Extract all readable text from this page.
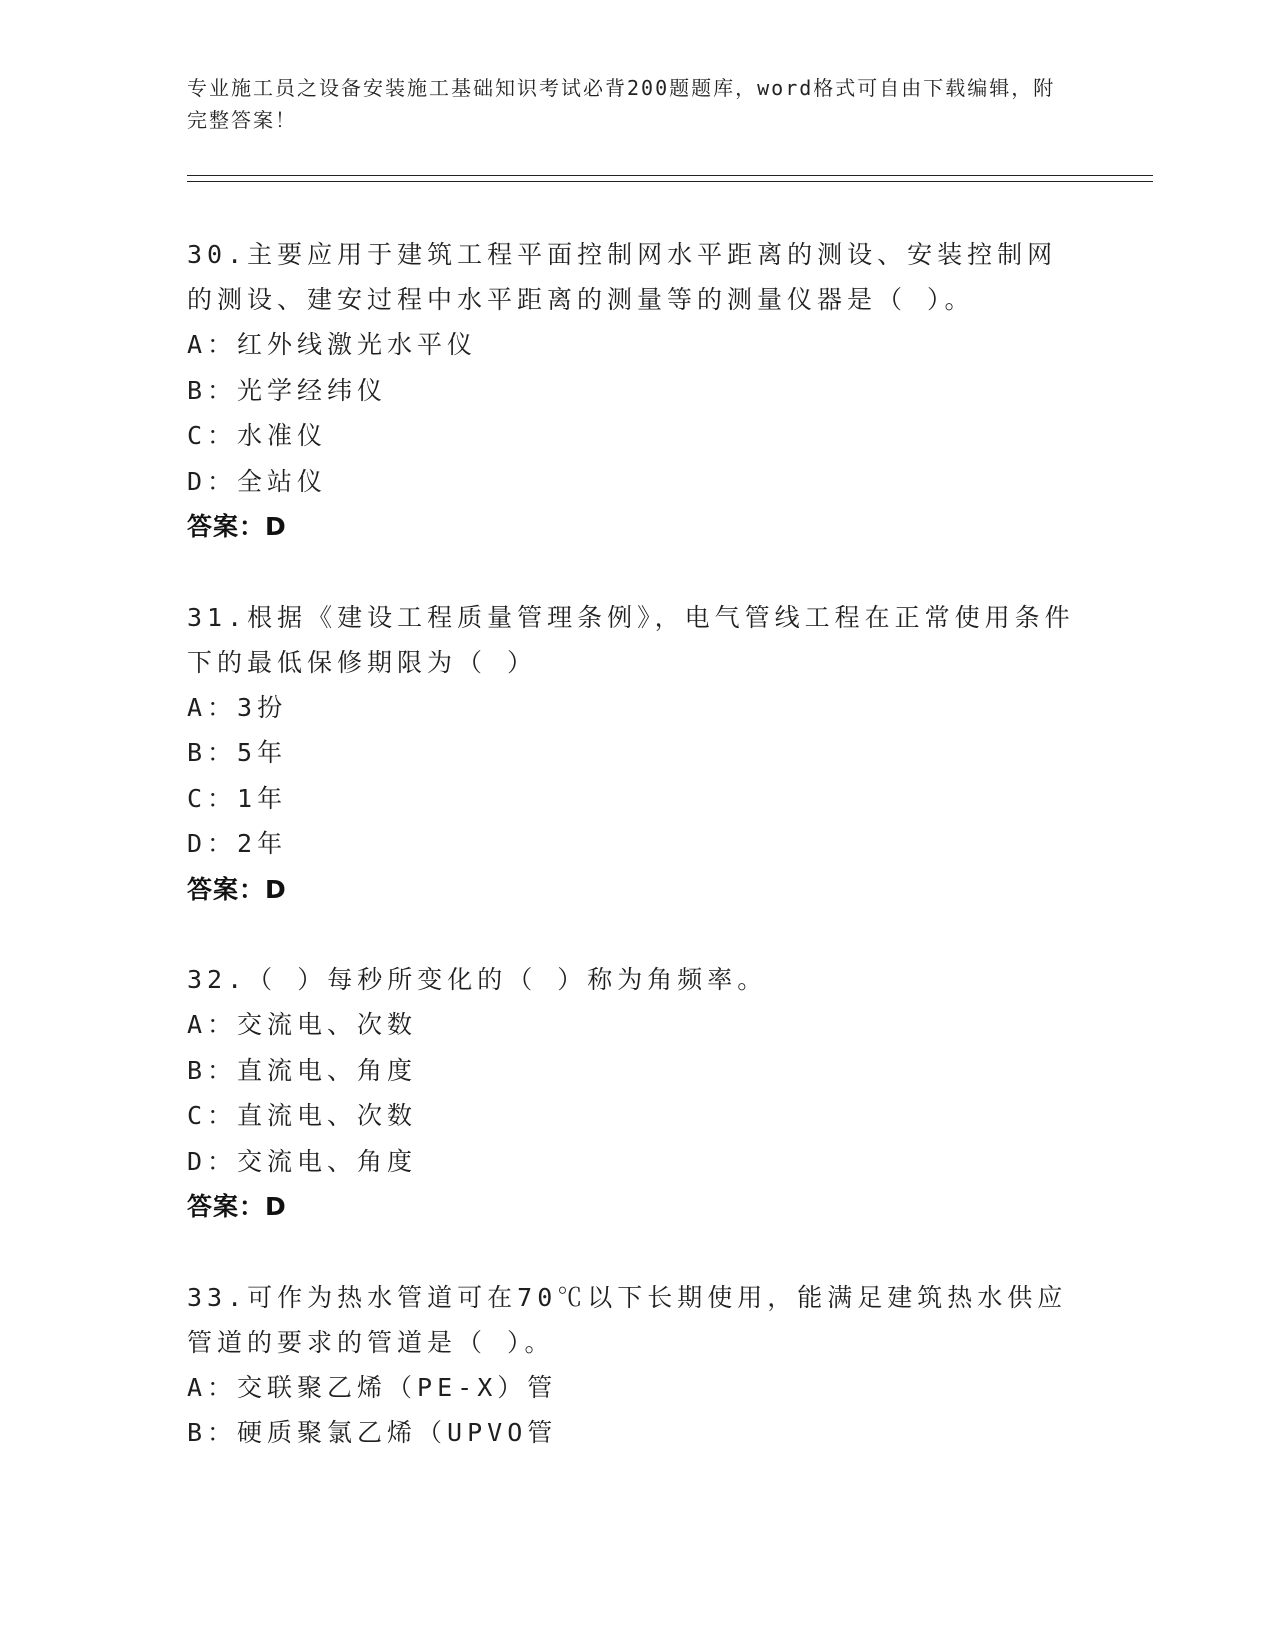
专业施工员之设备安装施工基础知识考试必背200题题库，word格式可自由下载编辑，附完整答案！

30.主要应用于建筑工程平面控制网水平距离的测设、安装控制网的测设、建安过程中水平距离的测量等的测量仪器是（ ）。

A：红外线激光水平仪

B：光学经纬仪

C：水准仪

D：全站仪

答案：D

31.根据《建设工程质量管理条例》，电气管线工程在正常使用条件下的最低保修期限为（ ）

A：3扮

B：5年

C：1年

D：2年

答案：D

32.（ ）每秒所变化的（ ）称为角频率。

A：交流电、次数

B：直流电、角度

C：直流电、次数

D：交流电、角度

答案：D

33.可作为热水管道可在70℃以下长期使用，能满足建筑热水供应管道的要求的管道是（ ）。

A：交联聚乙烯（PE-X）管

B：硬质聚氯乙烯（UPVO管
